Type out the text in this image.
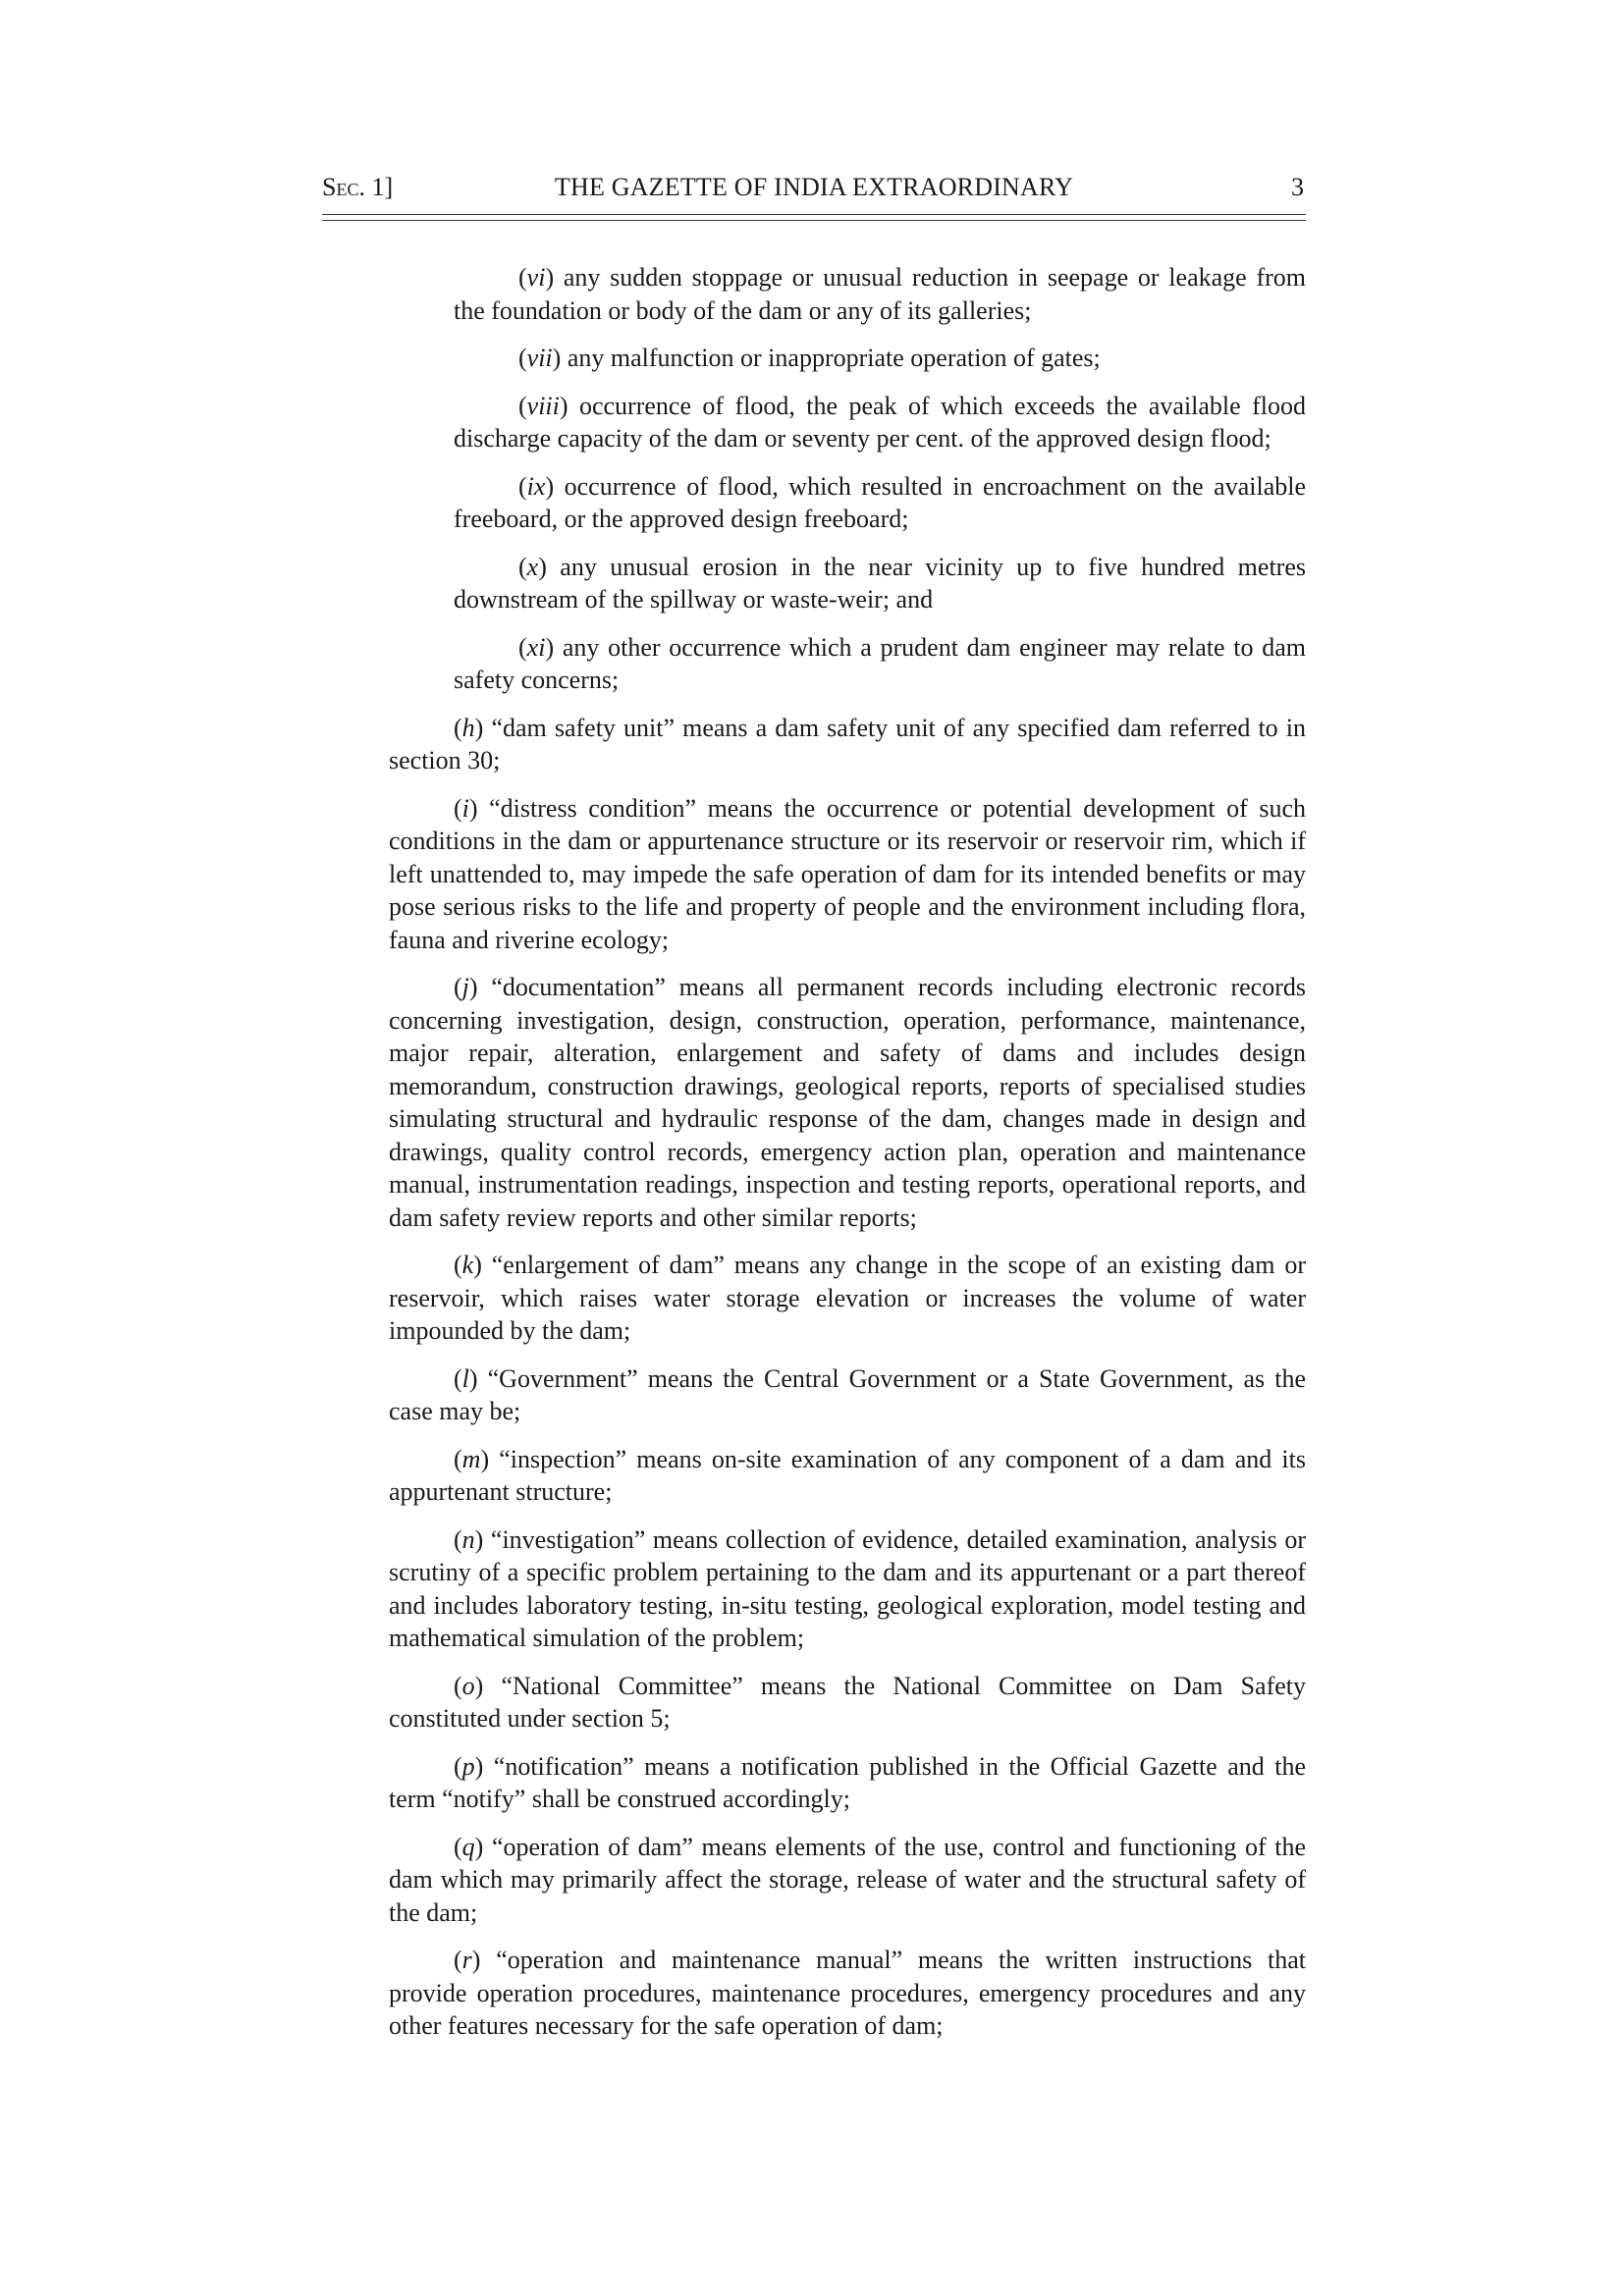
Sec. 1]	THE GAZETTE OF INDIA EXTRAORDINARY	3

(vi) any sudden stoppage or unusual reduction in seepage or leakage from the foundation or body of the dam or any of its galleries;

(vii) any malfunction or inappropriate operation of gates;

(viii) occurrence of flood, the peak of which exceeds the available flood discharge capacity of the dam or seventy per cent. of the approved design flood;

(ix) occurrence of flood, which resulted in encroachment on the available freeboard, or the approved design freeboard;

(x) any unusual erosion in the near vicinity up to five hundred metres downstream of the spillway or waste-weir; and

(xi) any other occurrence which a prudent dam engineer may relate to dam safety concerns;

(h) “dam safety unit” means a dam safety unit of any specified dam referred to in section 30;

(i) “distress condition” means the occurrence or potential development of such conditions in the dam or appurtenance structure or its reservoir or reservoir rim, which if left unattended to, may impede the safe operation of dam for its intended benefits or may pose serious risks to the life and property of people and the environment including flora, fauna and riverine ecology;

(j) “documentation” means all permanent records including electronic records concerning investigation, design, construction, operation, performance, maintenance, major repair, alteration, enlargement and safety of dams and includes design memorandum, construction drawings, geological reports, reports of specialised studies simulating structural and hydraulic response of the dam, changes made in design and drawings, quality control records, emergency action plan, operation and maintenance manual, instrumentation readings, inspection and testing reports, operational reports, and dam safety review reports and other similar reports;

(k) “enlargement of dam” means any change in the scope of an existing dam or reservoir, which raises water storage elevation or increases the volume of water impounded by the dam;

(l) “Government” means the Central Government or a State Government, as the case may be;

(m) “inspection” means on-site examination of any component of a dam and its appurtenant structure;

(n) “investigation” means collection of evidence, detailed examination, analysis or scrutiny of a specific problem pertaining to the dam and its appurtenant or a part thereof and includes laboratory testing, in-situ testing, geological exploration, model testing and mathematical simulation of the problem;

(o) “National Committee” means the National Committee on Dam Safety constituted under section 5;

(p) “notification” means a notification published in the Official Gazette and the term “notify” shall be construed accordingly;

(q) “operation of dam” means elements of the use, control and functioning of the dam which may primarily affect the storage, release of water and the structural safety of the dam;

(r) “operation and maintenance manual” means the written instructions that provide operation procedures, maintenance procedures, emergency procedures and any other features necessary for the safe operation of dam;
